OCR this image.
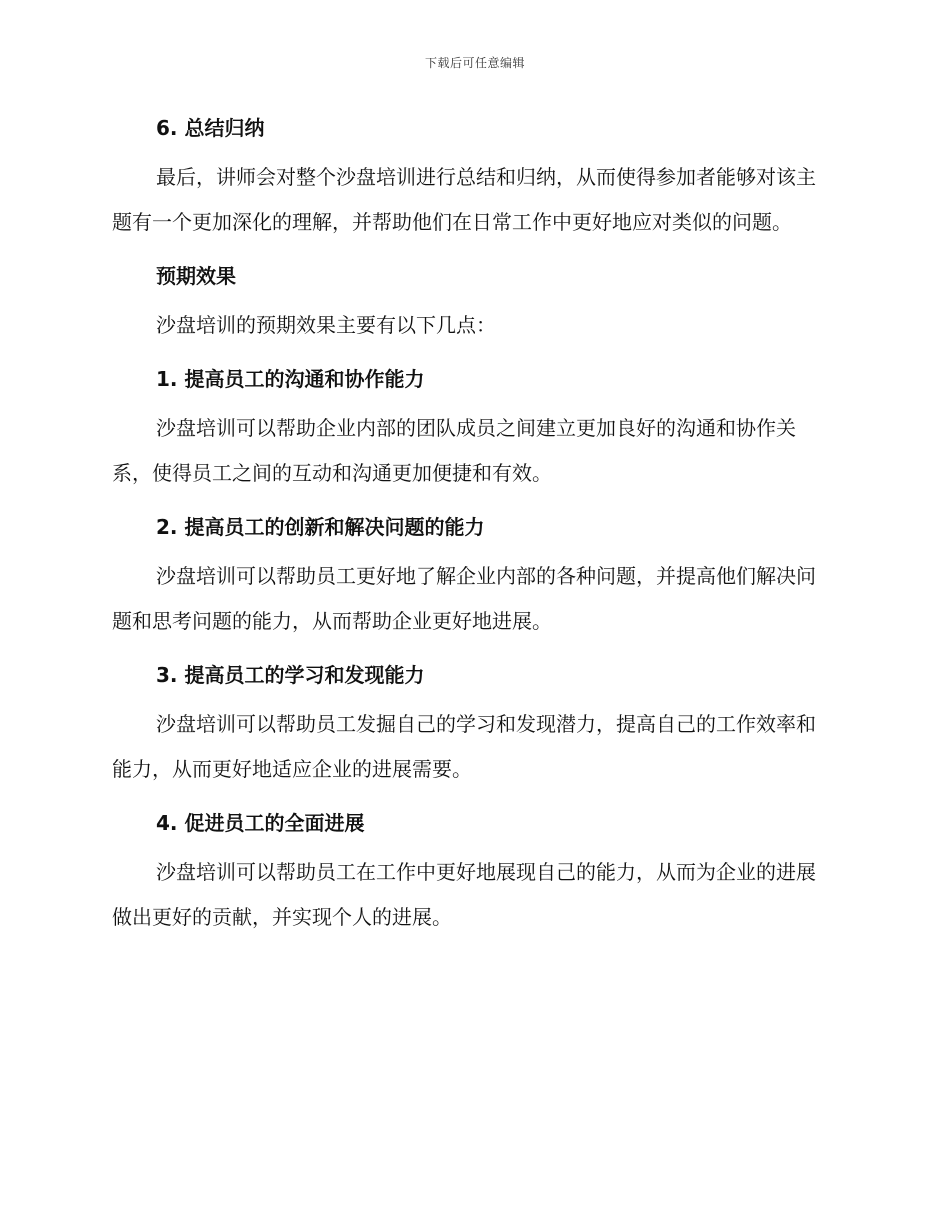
下载后可任意编辑

6. 总结归纳

最后，讲师会对整个沙盘培训进行总结和归纳，从而使得参加者能够对该主题有一个更加深化的理解，并帮助他们在日常工作中更好地应对类似的问题。

预期效果

沙盘培训的预期效果主要有以下几点：

1. 提高员工的沟通和协作能力

沙盘培训可以帮助企业内部的团队成员之间建立更加良好的沟通和协作关系，使得员工之间的互动和沟通更加便捷和有效。

2. 提高员工的创新和解决问题的能力

沙盘培训可以帮助员工更好地了解企业内部的各种问题，并提高他们解决问题和思考问题的能力，从而帮助企业更好地进展。

3. 提高员工的学习和发现能力

沙盘培训可以帮助员工发掘自己的学习和发现潜力，提高自己的工作效率和能力，从而更好地适应企业的进展需要。

4. 促进员工的全面进展

沙盘培训可以帮助员工在工作中更好地展现自己的能力，从而为企业的进展做出更好的贡献，并实现个人的进展。
